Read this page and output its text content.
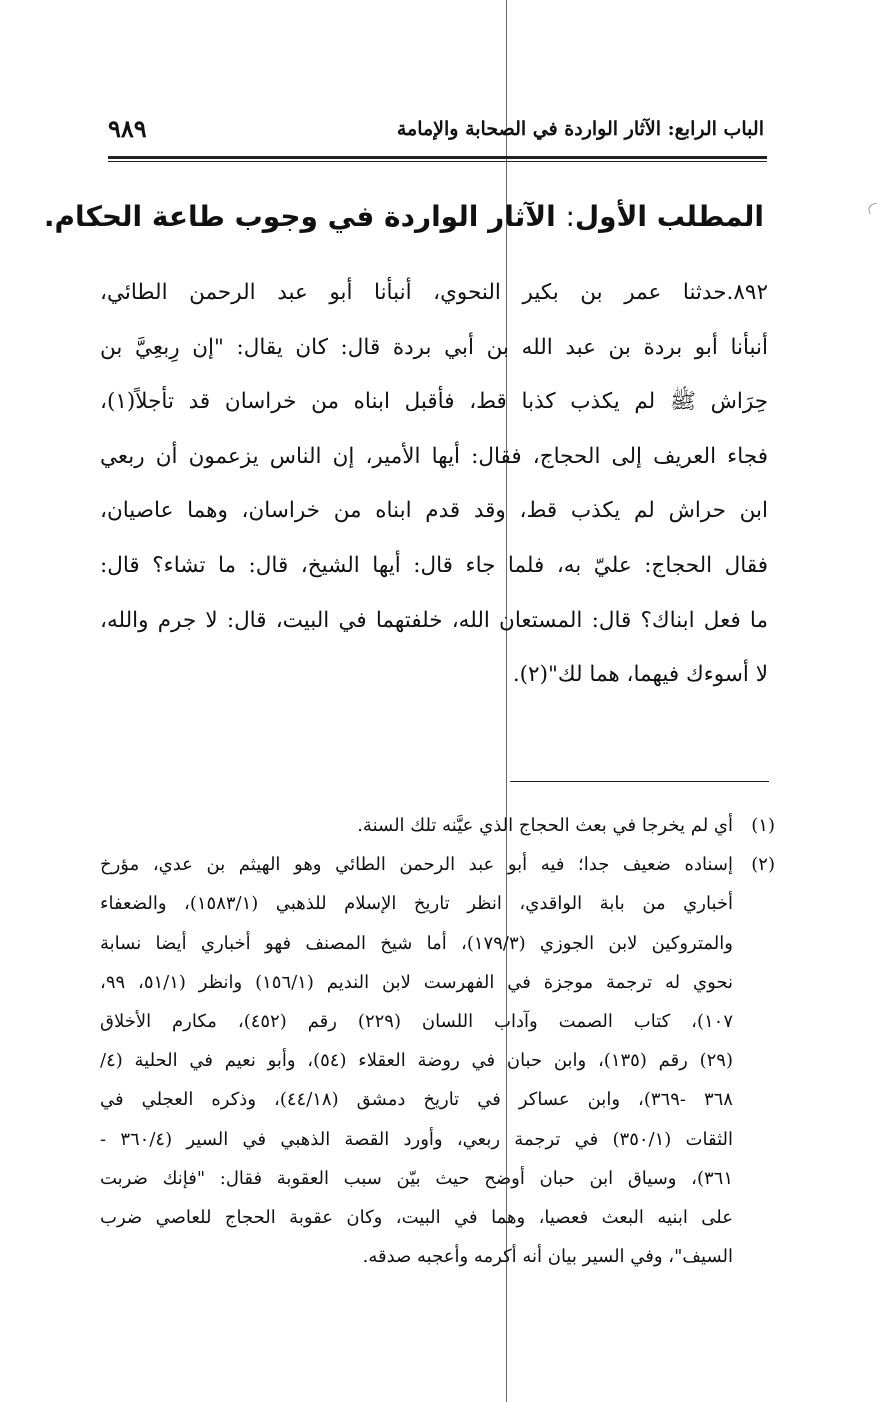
الباب الرابع: الآثار الواردة في الصحابة والإمامة
٩٨٩
المطلب الأول: الآثار الواردة في وجوب طاعة الحكام.
٨٩٢.حدثنا عمر بن بكير النحوي، أنبأنا أبو عبد الرحمن الطائي،
أنبأنا أبو بردة بن عبد الله بن أبي بردة قال: كان يقال: "إن رِبعِيَّ بن
حِرَاش ﷺ لم يكذب كذبا قط، فأقبل ابناه من خراسان قد تأجلاً(١)،
فجاء العريف إلى الحجاج، فقال: أيها الأمير، إن الناس يزعمون أن ربعي
ابن حراش لم يكذب قط، وقد قدم ابناه من خراسان، وهما عاصيان،
فقال الحجاج: عليّ به، فلما جاء قال: أيها الشيخ، قال: ما تشاء؟ قال:
ما فعل ابناك؟ قال: المستعان الله، خلفتهما في البيت، قال: لا جرم والله،
لا أسوءك فيهما، هما لك"(٢).
(١)
أي لم يخرجا في بعث الحجاج الذي عيَّنه تلك السنة.
(٢)
إسناده ضعيف جدا؛ فيه أبو عبد الرحمن الطائي وهو الهيثم بن عدي، مؤرخ
أخباري من بابة الواقدي، انظر تاريخ الإسلام للذهبي (١٥٨٣/١)، والضعفاء
والمتروكين لابن الجوزي (١٧٩/٣)، أما شيخ المصنف فهو أخباري أيضا نسابة
نحوي له ترجمة موجزة في الفهرست لابن النديم (١٥٦/١) وانظر (٥١/١، ٩٩،
١٠٧)، كتاب الصمت وآداب اللسان (٢٢٩) رقم (٤٥٢)، مكارم الأخلاق
(٢٩) رقم (١٣٥)، وابن حبان في روضة العقلاء (٥٤)، وأبو نعيم في الحلية (٤/
٣٦٨ -٣٦٩)، وابن عساكر في تاريخ دمشق (٤٤/١٨)، وذكره العجلي في
الثقات (٣٥٠/١) في ترجمة ربعي، وأورد القصة الذهبي في السير (٣٦٠/٤ -
٣٦١)، وسياق ابن حبان أوضح حيث بيّن سبب العقوبة فقال: "فإنك ضربت
على ابنيه البعث فعصيا، وهما في البيت، وكان عقوبة الحجاج للعاصي ضرب
السيف"، وفي السير بيان أنه أكرمه وأعجبه صدقه.
